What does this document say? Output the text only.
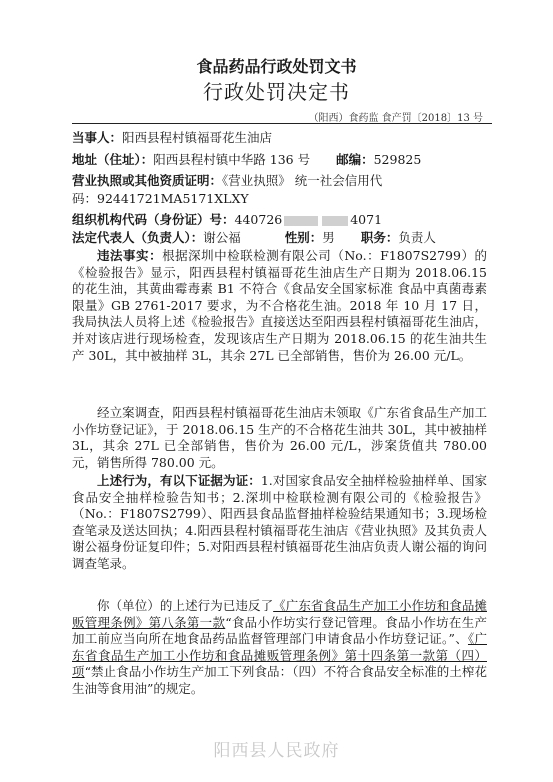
食品药品行政处罚文书
行政处罚决定书
（阳西）食药监 食产罚〔2018〕13 号
当事人：阳西县程村镇福哥花生油店
地址（住址）：阳西县程村镇中华路 136 号 邮编：529825
营业执照或其他资质证明：《营业执照》 统一社会信用代
码：92441721MA5171XLXY
组织机构代码（身份证）号：440726	4071
法定代表人（负责人）：谢公福	性别：男 职务：负责人
违法事实：根据深圳中检联检测有限公司（No.：F1807S2799）的《检验报告》显示，阳西县程村镇福哥花生油店生产日期为 2018.06.15 的花生油，其黄曲霉毒素 B1 不符合《食品安全国家标准 食品中真菌毒素限量》GB 2761-2017 要求，为不合格花生油。2018 年 10 月 17 日，我局执法人员将上述《检验报告》直接送达至阳西县程村镇福哥花生油店，并对该店进行现场检查，发现该店生产日期为 2018.06.15 的花生油共生产 30L，其中被抽样 3L，其余 27L 已全部销售，售价为 26.00 元/L。
经立案调查，阳西县程村镇福哥花生油店未领取《广东省食品生产加工小作坊登记证》，于 2018.06.15 生产的不合格花生油共 30L，其中被抽样 3L，其余 27L 已全部销售，售价为 26.00 元/L，涉案货值共 780.00 元，销售所得 780.00 元。
上述行为，有以下证据为证：1.对国家食品安全抽样检验抽样单、国家食品安全抽样检验告知书；2.深圳中检联检测有限公司的《检验报告》（No.：F1807S2799）、阳西县食品监督抽样检验结果通知书；3.现场检查笔录及送达回执；4.阳西县程村镇福哥花生油店《营业执照》及其负责人谢公福身份证复印件；5.对阳西县程村镇福哥花生油店负责人谢公福的询问调查笔录。
你（单位）的上述行为已违反了《广东省食品生产加工小作坊和食品摊贩管理条例》第八条第一款“食品小作坊实行登记管理。食品小作坊在生产加工前应当向所在地食品药品监督管理部门申请食品小作坊登记证。”、《广东省食品生产加工小作坊和食品摊贩管理条例》第十四条第一款第（四）项“禁止食品小作坊生产加工下列食品：（四）不符合食品安全标准的土榨花生油等食用油”的规定。
阳西县人民政府
